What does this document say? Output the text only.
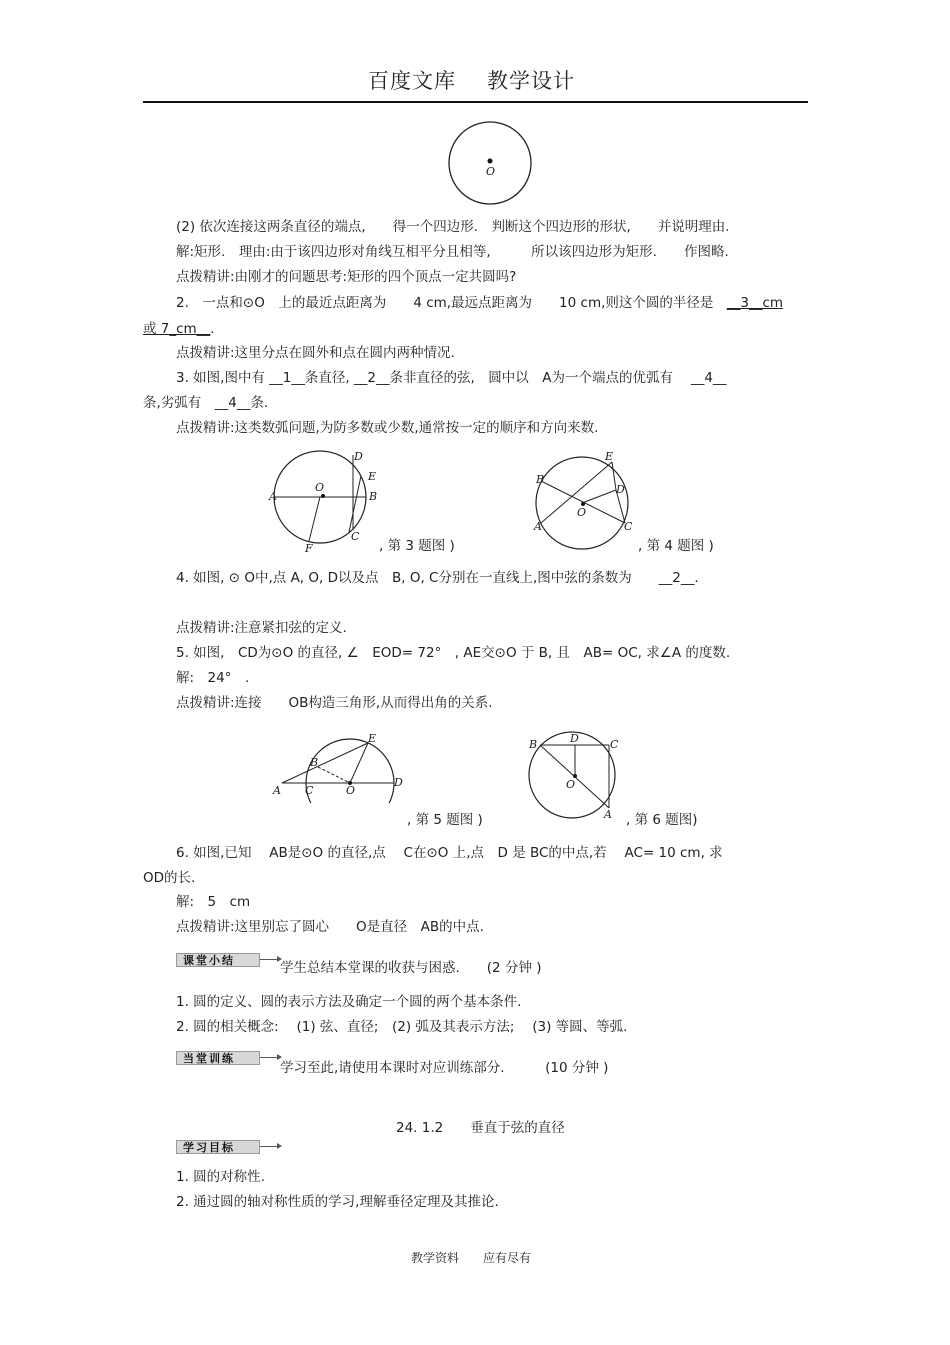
百度文库 教学设计
O
(2) 依次连接这两条直径的端点,　　得一个四边形.　判断这个四边形的形状,　　并说明理由.
解:矩形.　理由:由于该四边形对角线互相平分且相等,　　　所以该四边形为矩形.　　作图略.
点拨精讲:由刚才的问题思考:矩形的四个顶点一定共圆吗?
2.　一点和⊙O　上的最近点距离为　　4 cm,最远点距离为　　10 cm,则这个圆的半径是　__3__cm
或 7_cm__.
点拨精讲:这里分点在圆外和点在圆内两种情况.
3. 如图,图中有 __1__条直径, __2__条非直径的弦,　圆中以　A为一个端点的优弧有　 __4__
条,劣弧有　__4__条.
点拨精讲:这类数弧问题,为防多数或少数,通常按一定的顺序和方向来数.
O
A	B
C
D
E
F	, 第 3 题图 )
O
A
B
C
D
E
, 第 4 题图 )
4. 如图, ⊙ O中,点 A, O, D以及点　B, O, C分别在一直线上,图中弦的条数为　　__2__.
点拨精讲:注意紧扣弦的定义.
5. 如图,　CD为⊙O 的直径, ∠　EOD= 72°　, AE交⊙O 于 B, 且　AB= OC, 求∠A 的度数.
解:　24°　.
点拨精讲:连接　　OB构造三角形,从而得出角的关系.
A
B
C
D
E
O
, 第 5 题图 )
B	D	C
O
A , 第 6 题图)
6. 如图,已知　 AB是⊙O 的直径,点　 C在⊙O 上,点　D 是 BC的中点,若　 AC= 10 cm, 求
OD的长.
解:　5　cm
点拨精讲:这里别忘了圆心　　O是直径　AB的中点.
课堂小结	学生总结本堂课的收获与困惑.　　(2 分钟 )
1. 圆的定义、圆的表示方法及确定一个圆的两个基本条件.
2. 圆的相关概念:　 (1) 弦、直径;　(2) 弧及其表示方法;　 (3) 等圆、等弧.
当堂训练
学习至此,请使用本课时对应训练部分.　　　(10 分钟 )
24. 1.2　　垂直于弦的直径
学习目标
1. 圆的对称性.
2. 通过圆的轴对称性质的学习,理解垂径定理及其推论.
教学资料　　应有尽有
